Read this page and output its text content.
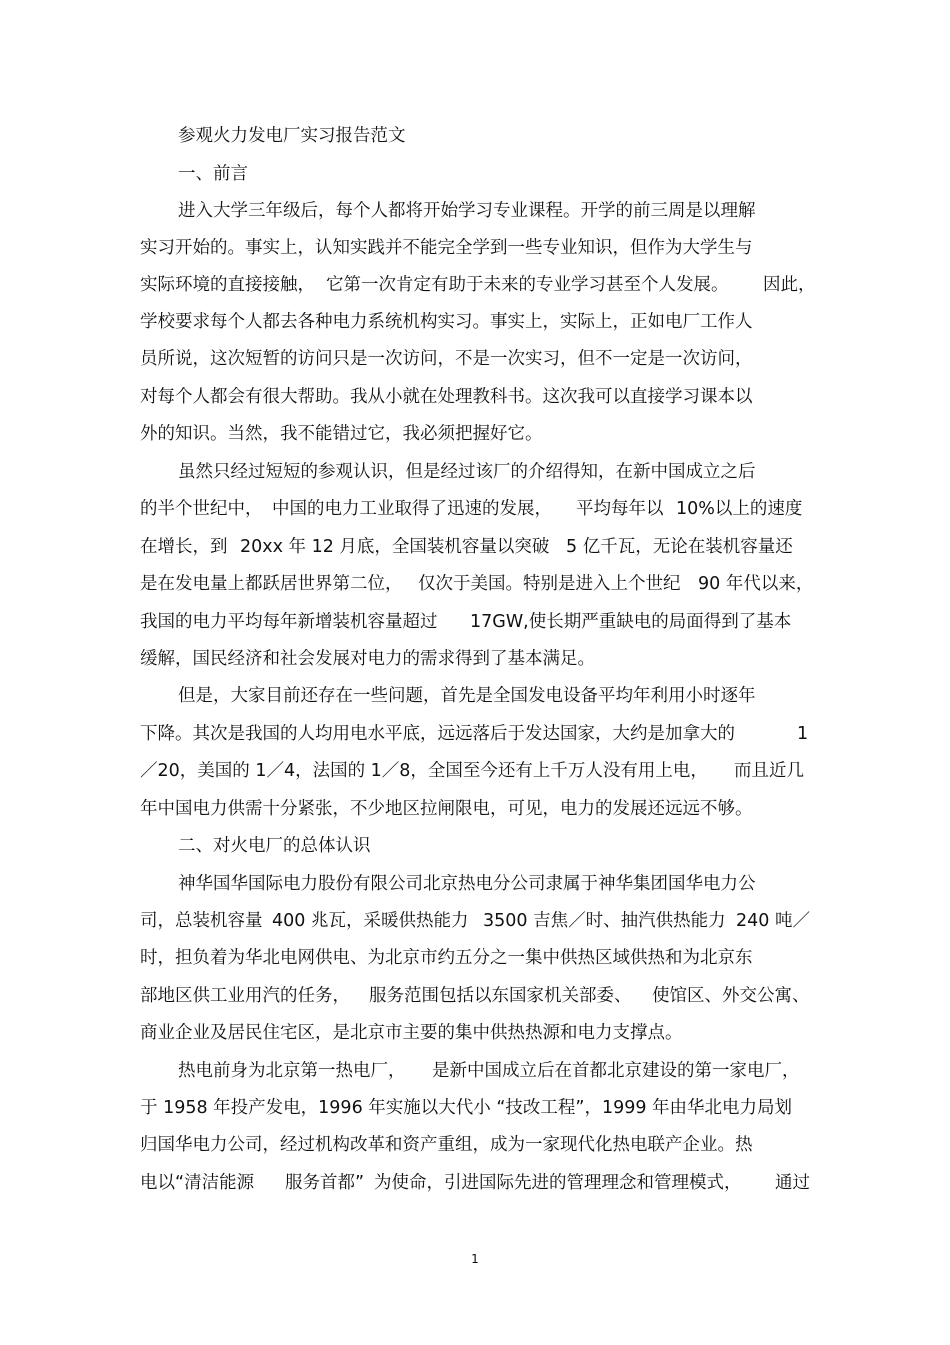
参观火力发电厂实习报告范文
一、前言
进入大学三年级后，每个人都将开始学习专业课程。开学的前三周是以理解
实习开始的。事实上，认知实践并不能完全学到一些专业知识，但作为大学生与
实际环境的直接接触， 它第一次肯定有助于未来的专业学习甚至个人发展。 因此，
学校要求每个人都去各种电力系统机构实习。事实上，实际上，正如电厂工作人
员所说，这次短暂的访问只是一次访问，不是一次实习，但不一定是一次访问，
对每个人都会有很大帮助。我从小就在处理教科书。这次我可以直接学习课本以
外的知识。当然，我不能错过它，我必须把握好它。
虽然只经过短短的参观认识，但是经过该厂的介绍得知，在新中国成立之后
的半个世纪中， 中国的电力工业取得了迅速的发展， 平均每年以 10%以上的速度
在增长，到 20xx 年 12 月底，全国装机容量以突破 5 亿千瓦，无论在装机容量还
是在发电量上都跃居世界第二位， 仅次于美国。特别是进入上个世纪 90 年代以来，
我国的电力平均每年新增装机容量超过 17GW,使长期严重缺电的局面得到了基本
缓解，国民经济和社会发展对电力的需求得到了基本满足。
但是，大家目前还存在一些问题，首先是全国发电设备平均年利用小时逐年
下降。其次是我国的人均用电水平底，远远落后于发达国家，大约是加拿大的	1
／20，美国的 1／4，法国的 1／8，全国至今还有上千万人没有用上电， 而且近几
年中国电力供需十分紧张，不少地区拉闸限电，可见，电力的发展还远远不够。
二、对火电厂的总体认识
神华国华国际电力股份有限公司北京热电分公司隶属于神华集团国华电力公
司，总装机容量 400 兆瓦，采暖供热能力 3500 吉焦／时、抽汽供热能力 240 吨／
时，担负着为华北电网供电、为北京市约五分之一集中供热区域供热和为北京东
部地区供工业用汽的任务， 服务范围包括以东国家机关部委、 使馆区、外交公寓、
商业企业及居民住宅区，是北京市主要的集中供热热源和电力支撑点。
热电前身为北京第一热电厂， 是新中国成立后在首都北京建设的第一家电厂，
于 1958 年投产发电，1996 年实施以大代小 “技改工程”，1999 年由华北电力局划
归国华电力公司，经过机构改革和资产重组，成为一家现代化热电联产企业。热
电以“清洁能源 服务首都” 为使命，引进国际先进的管理理念和管理模式， 通过
1
